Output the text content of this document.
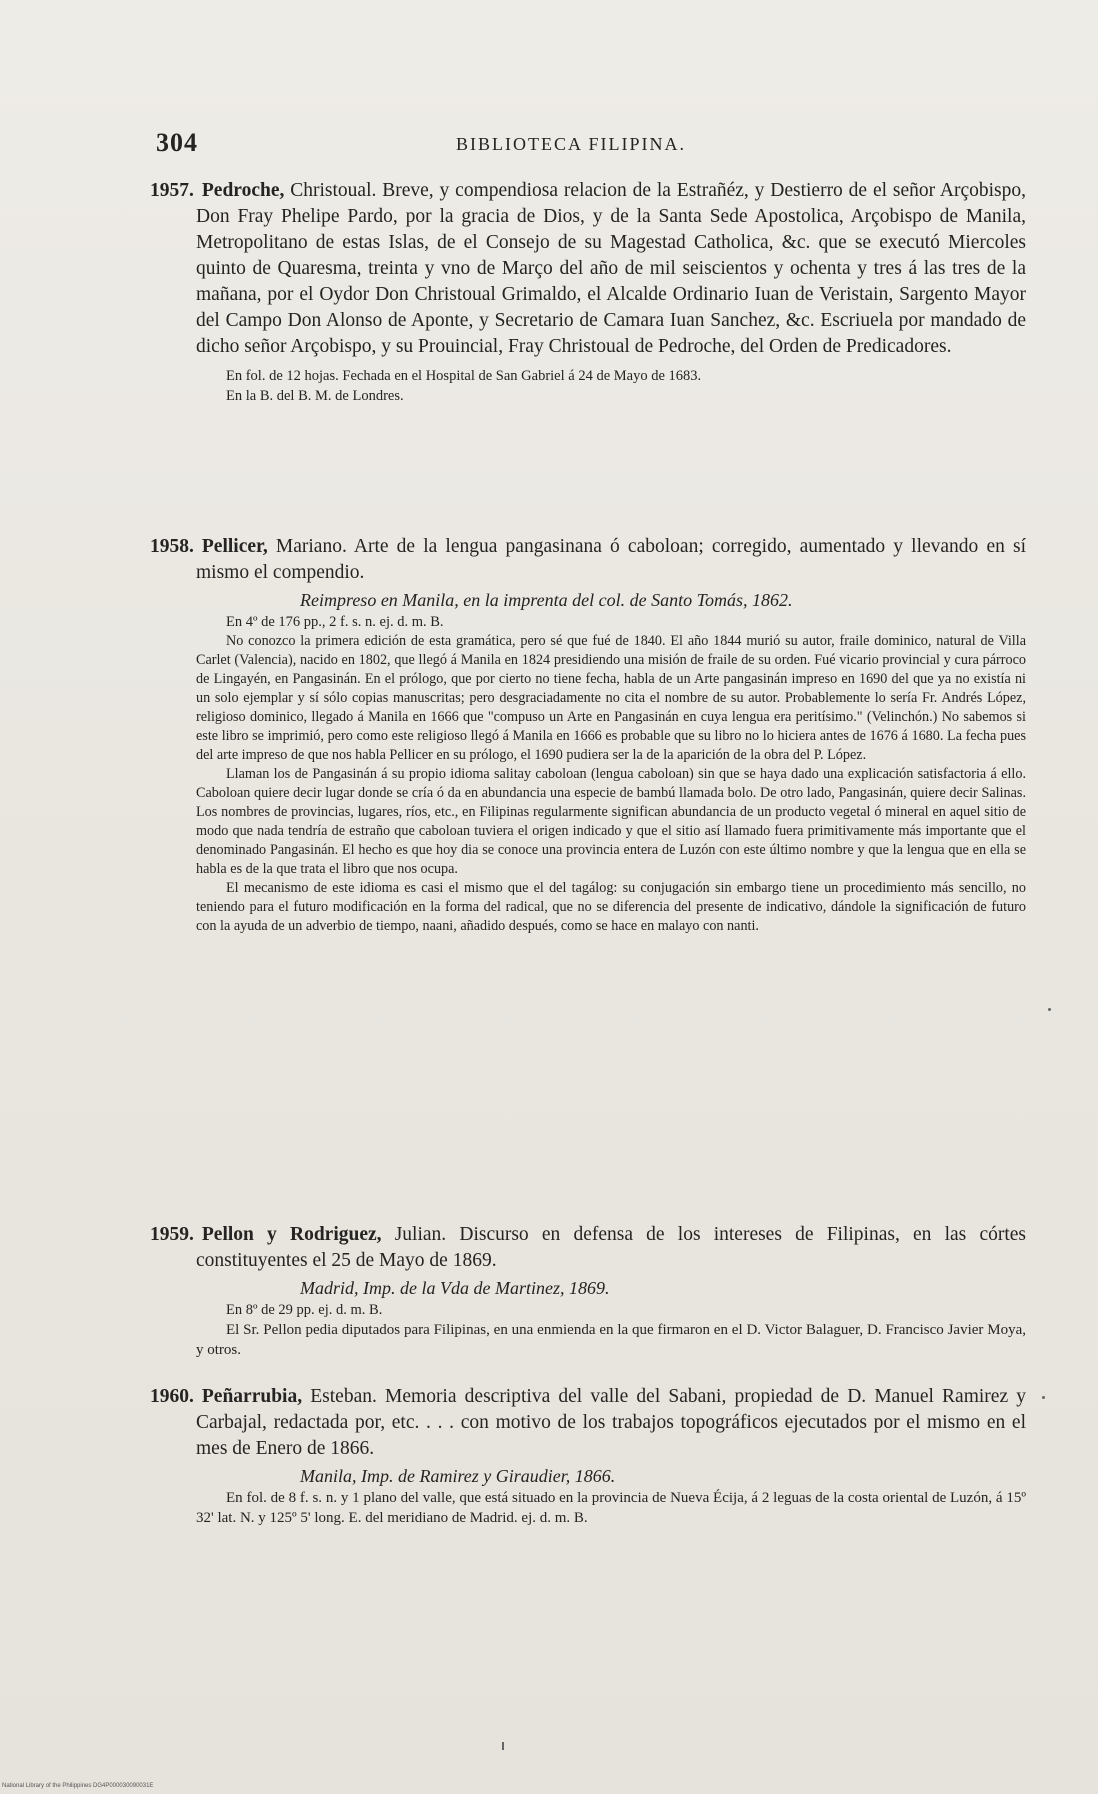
304	BIBLIOTECA FILIPINA.
1957. Pedroche, Christoual. Breve, y compendiosa relacion de la Estrañéz, y Destierro de el señor Arçobispo, Don Fray Phelipe Pardo, por la gracia de Dios, y de la Santa Sede Apostolica, Arçobispo de Manila, Metropolitano de estas Islas, de el Consejo de su Magestad Catholica, &c. que se executó Miercoles quinto de Quaresma, treinta y vno de Março del año de mil seiscientos y ochenta y tres á las tres de la mañana, por el Oydor Don Christoual Grimaldo, el Alcalde Ordinario Iuan de Veristain, Sargento Mayor del Campo Don Alonso de Aponte, y Secretario de Camara Iuan Sanchez, &c. Escriuela por mandado de dicho señor Arçobispo, y su Prouincial, Fray Christoual de Pedroche, del Orden de Predicadores.
En fol. de 12 hojas. Fechada en el Hospital de San Gabriel á 24 de Mayo de 1683.
En la B. del B. M. de Londres.
1958. Pellicer, Mariano. Arte de la lengua pangasinana ó caboloan; corregido, aumentado y llevando en sí mismo el compendio.
Reimpreso en Manila, en la imprenta del col. de Santo Tomás, 1862.
En 4º de 176 pp., 2 f. s. n. ej. d. m. B.
No conozco la primera edición de esta gramática, pero sé que fué de 1840. El año 1844 murió su autor, fraile dominico, natural de Villa Carlet (Valencia), nacido en 1802, que llegó á Manila en 1824 presidiendo una misión de fraile de su orden. Fué vicario provincial y cura párroco de Lingayén, en Pangasinán. En el prólogo, que por cierto no tiene fecha, habla de un Arte pangasinán impreso en 1690 del que ya no existía ni un solo ejemplar y sí sólo copias manuscritas; pero desgraciadamente no cita el nombre de su autor. Probablemente lo sería Fr. Andrés López, religioso dominico, llegado á Manila en 1666 que "compuso un Arte en Pangasinán en cuya lengua era peritísimo." (Velinchón.) No sabemos si este libro se imprimió, pero como este religioso llegó á Manila en 1666 es probable que su libro no lo hiciera antes de 1676 á 1680. La fecha pues del arte impreso de que nos habla Pellicer en su prólogo, el 1690 pudiera ser la de la aparición de la obra del P. López.
Llaman los de Pangasinán á su propio idioma salitay caboloan (lengua caboloan) sin que se haya dado una explicación satisfactoria á ello. Caboloan quiere decir lugar donde se cría ó da en abundancia una especie de bambú llamada bolo. De otro lado, Pangasinán, quiere decir Salinas. Los nombres de provincias, lugares, ríos, etc., en Filipinas regularmente significan abundancia de un producto vegetal ó mineral en aquel sitio de modo que nada tendría de estraño que caboloan tuviera el origen indicado y que el sitio así llamado fuera primitivamente más importante que el denominado Pangasinán. El hecho es que hoy dia se conoce una provincia entera de Luzón con este último nombre y que la lengua que en ella se habla es de la que trata el libro que nos ocupa.
El mecanismo de este idioma es casi el mismo que el del tagálog: su conjugación sin embargo tiene un procedimiento más sencillo, no teniendo para el futuro modificación en la forma del radical, que no se diferencia del presente de indicativo, dándole la significación de futuro con la ayuda de un adverbio de tiempo, naani, añadido después, como se hace en malayo con nanti.
1959. Pellon y Rodriguez, Julian. Discurso en defensa de los intereses de Filipinas, en las córtes constituyentes el 25 de Mayo de 1869.
Madrid, Imp. de la Vda de Martinez, 1869.
En 8º de 29 pp. ej. d. m. B.
El Sr. Pellon pedia diputados para Filipinas, en una enmienda en la que firmaron en el D. Victor Balaguer, D. Francisco Javier Moya, y otros.
1960. Peñarrubia, Esteban. Memoria descriptiva del valle del Sabani, propiedad de D. Manuel Ramirez y Carbajal, redactada por, etc. . . . con motivo de los trabajos topográficos ejecutados por el mismo en el mes de Enero de 1866.
Manila, Imp. de Ramirez y Giraudier, 1866.
En fol. de 8 f. s. n. y 1 plano del valle, que está situado en la provincia de Nueva Écija, á 2 leguas de la costa oriental de Luzón, á 15º 32' lat. N. y 125º 5' long. E. del meridiano de Madrid. ej. d. m. B.
National Library of the Philippines DG4P000030090031E
